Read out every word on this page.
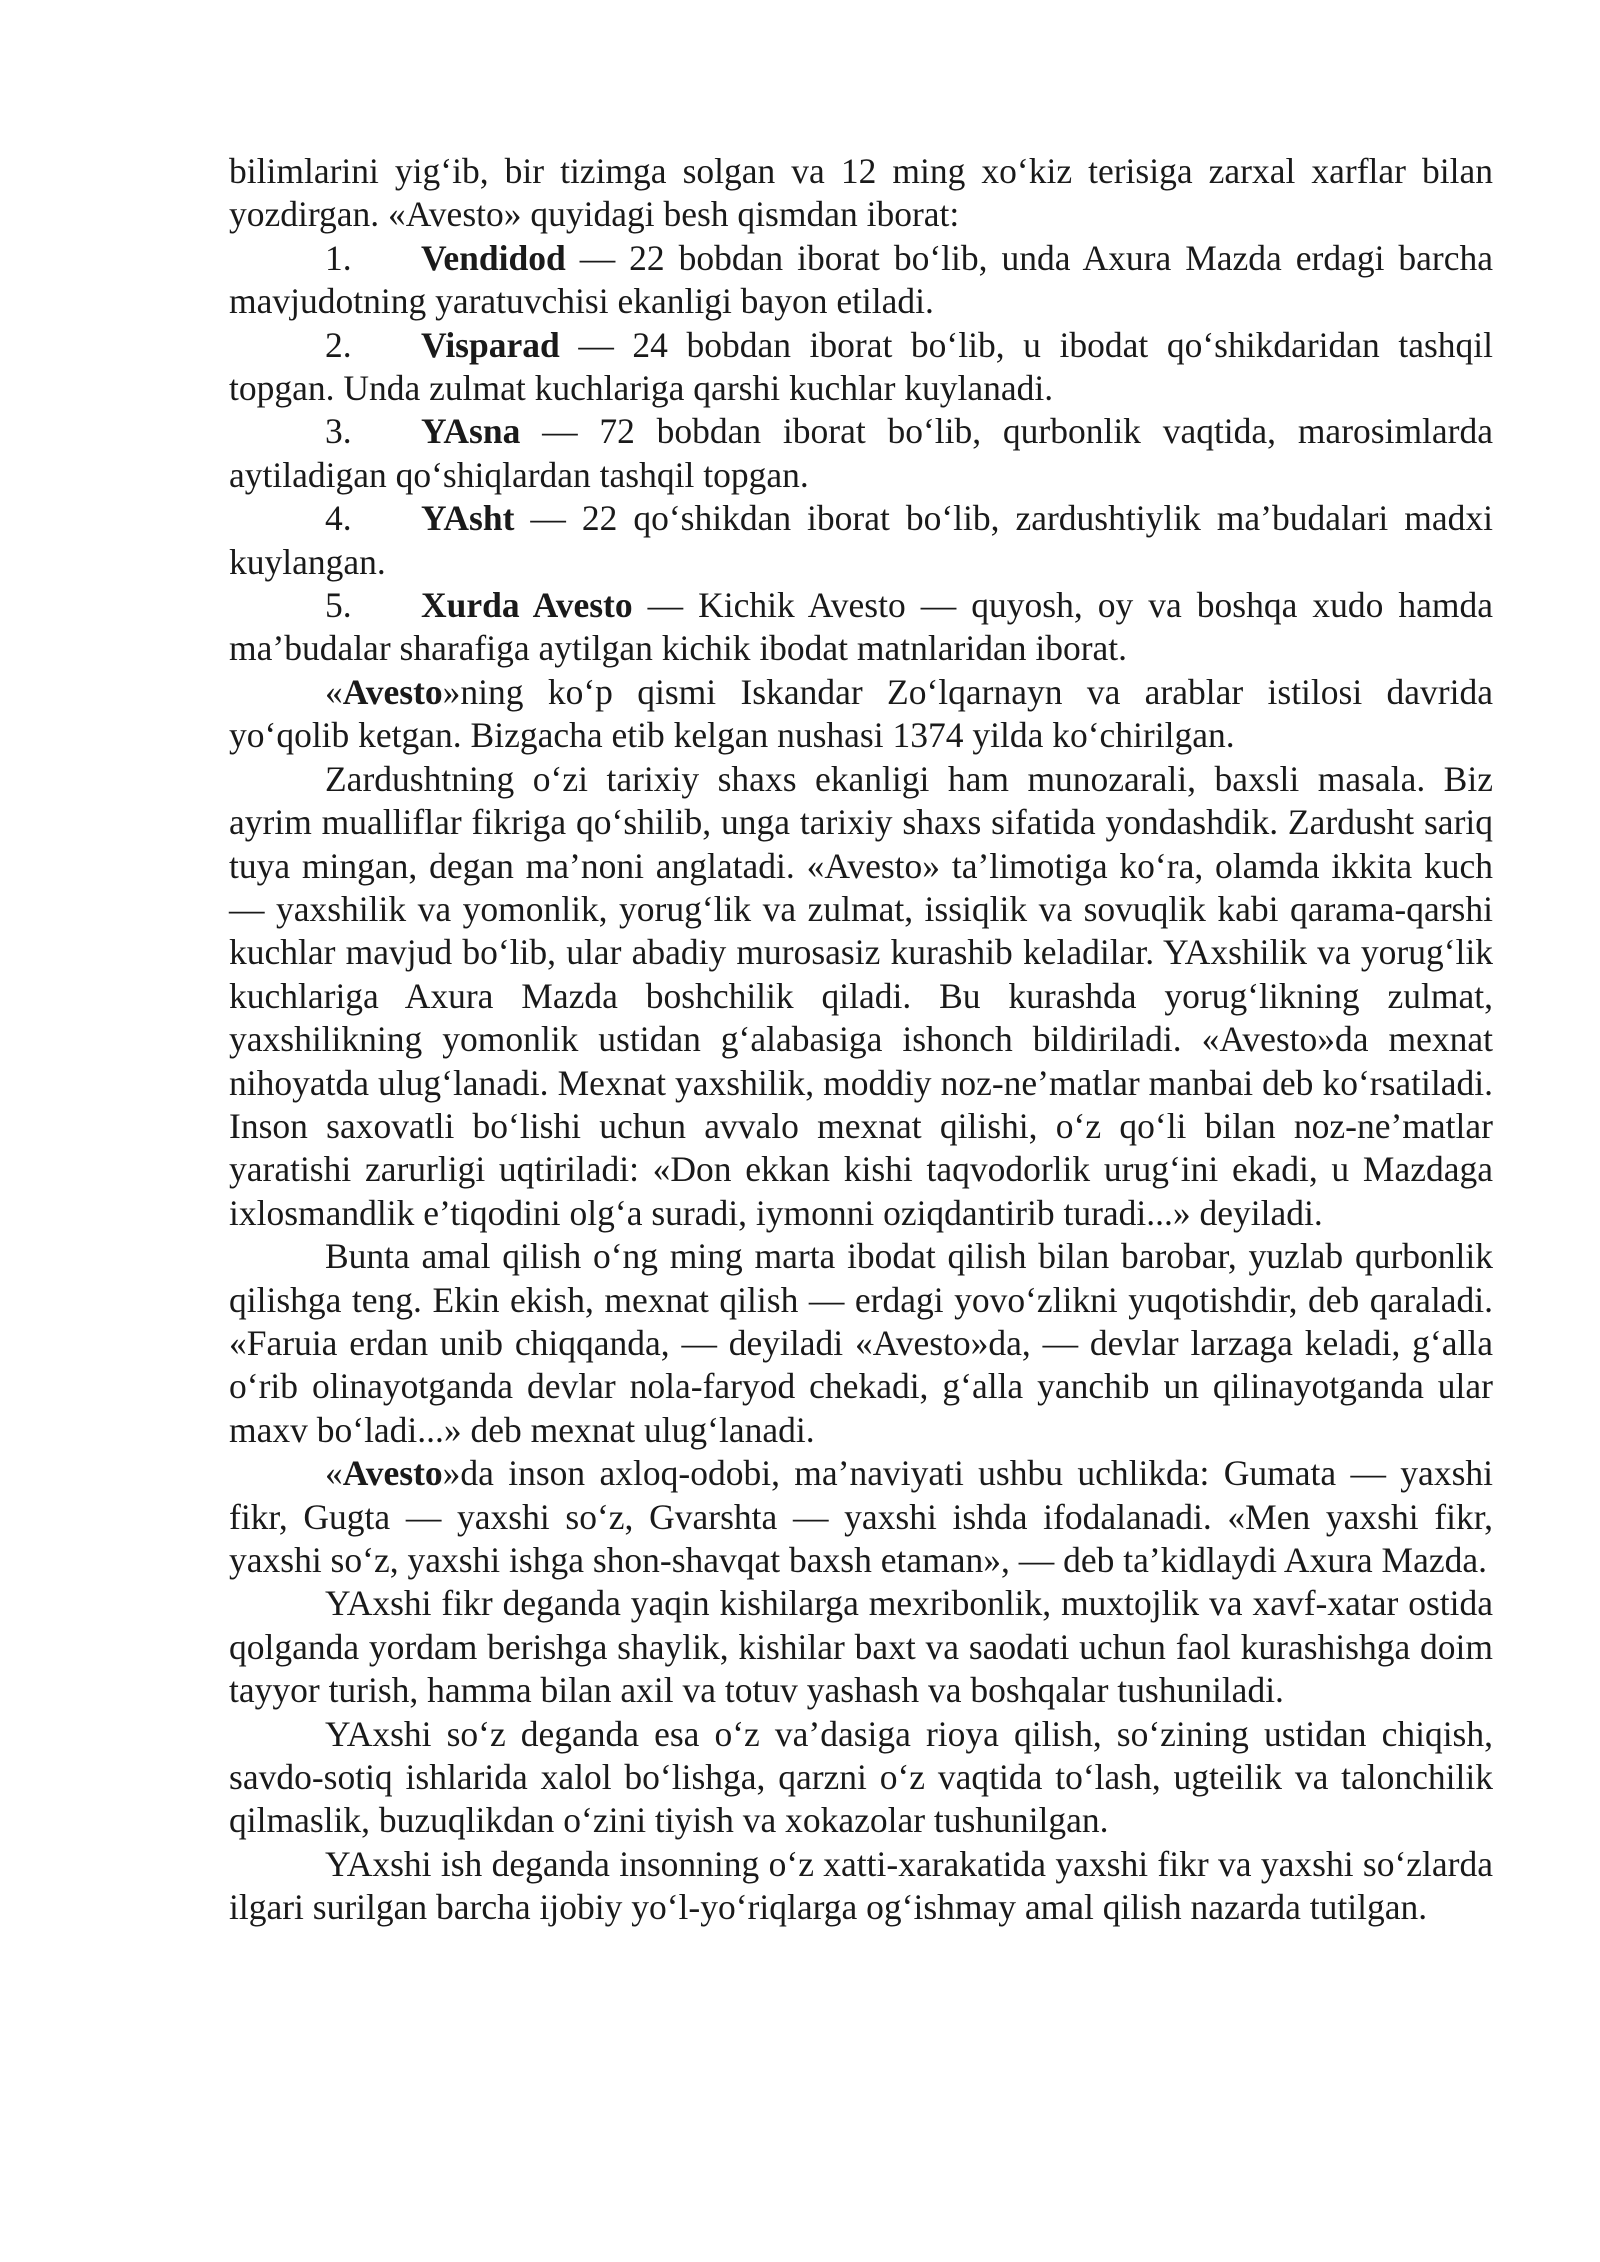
bilimlarini yig‘ib, bir tizimga solgan va 12 ming xo‘kiz terisiga zarxal xarflar bilan yozdirgan. «Avesto» quyidagi besh qismdan iborat:

1. Vendidod — 22 bobdan iborat bo‘lib, unda Axura Mazda erdagi barcha mavjudotning yaratuvchisi ekanligi bayon etiladi.

2. Visparad — 24 bobdan iborat bo‘lib, u ibodat qo‘shikdaridan tashqil topgan. Unda zulmat kuchlariga qarshi kuchlar kuylanadi.

3. YAsna — 72 bobdan iborat bo‘lib, qurbonlik vaqtida, marosimlarda aytiladigan qo‘shiqlardan tashqil topgan.

4. YAsht — 22 qo‘shikdan iborat bo‘lib, zardushtiylik ma’budalari madxi kuylangan.

5. Xurda Avesto — Kichik Avesto — quyosh, oy va boshqa xudo hamda ma’budalar sharafiga aytilgan kichik ibodat matnlaridan iborat.

«Avesto»ning ko‘p qismi Iskandar Zo‘lqarnayn va arablar istilosi davrida yo‘qolib ketgan. Bizgacha etib kelgan nushasi 1374 yilda ko‘chirilgan.

Zardushtning o‘zi tarixiy shaxs ekanligi ham munozarali, baxsli masala. Biz ayrim mualliflar fikriga qo‘shilib, unga tarixiy shaxs sifatida yondashdik. Zardusht sariq tuya mingan, degan ma’noni anglatadi. «Avesto» ta’limotiga ko‘ra, olamda ikkita kuch — yaxshilik va yomonlik, yorug‘lik va zulmat, issiqlik va sovuqlik kabi qarama-qarshi kuchlar mavjud bo‘lib, ular abadiy murosasiz kurashib keladilar. YAxshilik va yorug‘lik kuchlariga Axura Mazda boshchilik qiladi. Bu kurashda yorug‘likning zulmat, yaxshilikning yomonlik ustidan g‘alabasiga ishonch bildiriladi. «Avesto»da mexnat nihoyatda ulug‘lanadi. Mexnat yaxshilik, moddiy noz-ne’matlar manbai deb ko‘rsatiladi. Inson saxovatli bo‘lishi uchun avvalo mexnat qilishi, o‘z qo‘li bilan noz-ne’matlar yaratishi zarurligi uqtiriladi: «Don ekkan kishi taqvodorlik urug‘ini ekadi, u Mazdaga ixlosmandlik e’tiqodini olg‘a suradi, iymonni oziqdantirib turadi...» deyiladi.

Bunta amal qilish o‘ng ming marta ibodat qilish bilan barobar, yuzlab qurbonlik qilishga teng. Ekin ekish, mexnat qilish — erdagi yovo‘zlikni yuqotishdir, deb qaraladi. «Faruia erdan unib chiqqanda, — deyiladi «Avesto»da, — devlar larzaga keladi, g‘alla o‘rib olinayotganda devlar nola-faryod chekadi, g‘alla yanchib un qilinayotganda ular maxv bo‘ladi...» deb mexnat ulug‘lanadi.

«Avesto»da inson axloq-odobi, ma’naviyati ushbu uchlikda: Gumata — yaxshi fikr, Gugta — yaxshi so‘z, Gvarshta — yaxshi ishda ifodalanadi. «Men yaxshi fikr, yaxshi so‘z, yaxshi ishga shon-shavqat baxsh etaman», — deb ta’kidlaydi Axura Mazda.

YAxshi fikr deganda yaqin kishilarga mexribonlik, muxtojlik va xavf-xatar ostida qolganda yordam berishga shaylik, kishilar baxt va saodati uchun faol kurashishga doim tayyor turish, hamma bilan axil va totuv yashash va boshqalar tushuniladi.

YAxshi so‘z deganda esa o‘z va’dasiga rioya qilish, so‘zining ustidan chiqish, savdo-sotiq ishlarida xalol bo‘lishga, qarzni o‘z vaqtida to‘lash, ugteilik va talonchilik qilmaslik, buzuqlikdan o‘zini tiyish va xokazolar tushunilgan.

YAxshi ish deganda insonning o‘z xatti-xarakatida yaxshi fikr va yaxshi so‘zlarda ilgari surilgan barcha ijobiy yo‘l-yo‘riqlarga og‘ishmay amal qilish nazarda tutilgan.
